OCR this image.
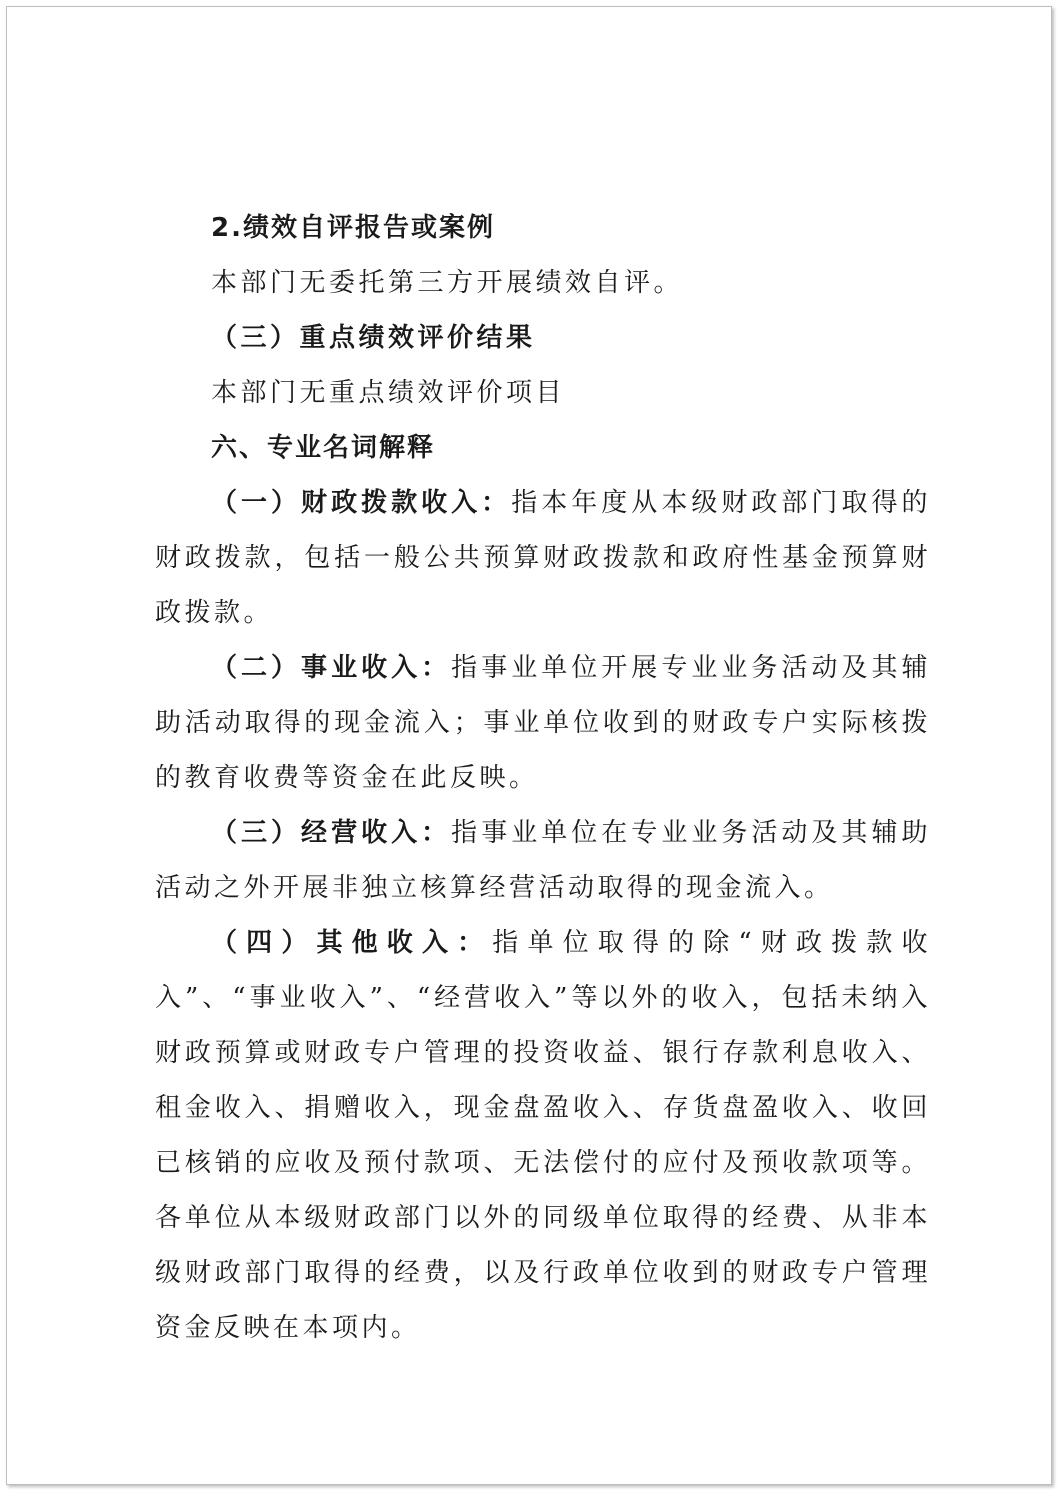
2.绩效自评报告或案例

本部门无委托第三方开展绩效自评。

（三）重点绩效评价结果

本部门无重点绩效评价项目

六、专业名词解释

（一）财政拨款收入：指本年度从本级财政部门取得的财政拨款，包括一般公共预算财政拨款和政府性基金预算财政拨款。

（二）事业收入：指事业单位开展专业业务活动及其辅助活动取得的现金流入；事业单位收到的财政专户实际核拨的教育收费等资金在此反映。

（三）经营收入：指事业单位在专业业务活动及其辅助活动之外开展非独立核算经营活动取得的现金流入。

（四）其他收入：指单位取得的除“财政拨款收入”、“事业收入”、“经营收入”等以外的收入，包括未纳入财政预算或财政专户管理的投资收益、银行存款利息收入、租金收入、捐赠收入，现金盘盈收入、存货盘盈收入、收回已核销的应收及预付款项、无法偿付的应付及预收款项等。各单位从本级财政部门以外的同级单位取得的经费、从非本级财政部门取得的经费，以及行政单位收到的财政专户管理资金反映在本项内。
